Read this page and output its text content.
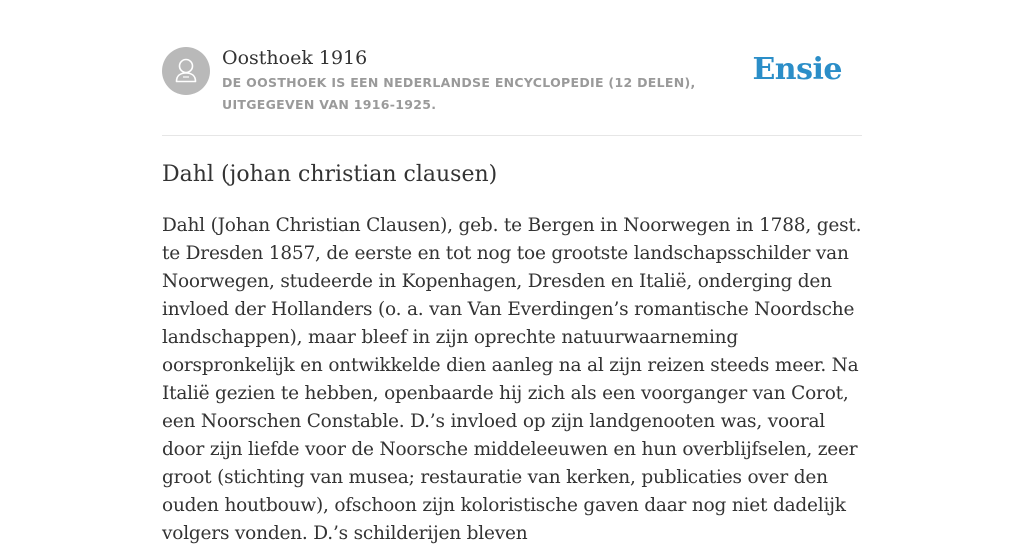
Oosthoek 1916
DE OOSTHOEK IS EEN NEDERLANDSE ENCYCLOPEDIE (12 DELEN), UITGEGEVEN VAN 1916-1925.
Ensie
Dahl (johan christian clausen)

Dahl (Johan Christian Clausen), geb. te Bergen in Noorwegen in 1788, gest. te Dresden 1857, de eerste en tot nog toe grootste landschapsschilder van Noorwegen, studeerde in Kopenhagen, Dresden en Italië, onderging den invloed der Hollanders (o. a. van Van Everdingen’s romantische Noordsche landschappen), maar bleef in zijn oprechte natuurwaarneming oorspronkelijk en ontwikkelde dien aanleg na al zijn reizen steeds meer. Na Italië gezien te hebben, openbaarde hij zich als een voorganger van Corot, een Noorschen Constable. D.’s invloed op zijn landgenooten was, vooral door zijn liefde voor de Noorsche middeleeuwen en hun overblijfselen, zeer groot (stichting van musea; restauratie van kerken, publicaties over den ouden houtbouw), ofschoon zijn koloristische gaven daar nog niet dadelijk volgers vonden. D.’s schilderijen bleven
